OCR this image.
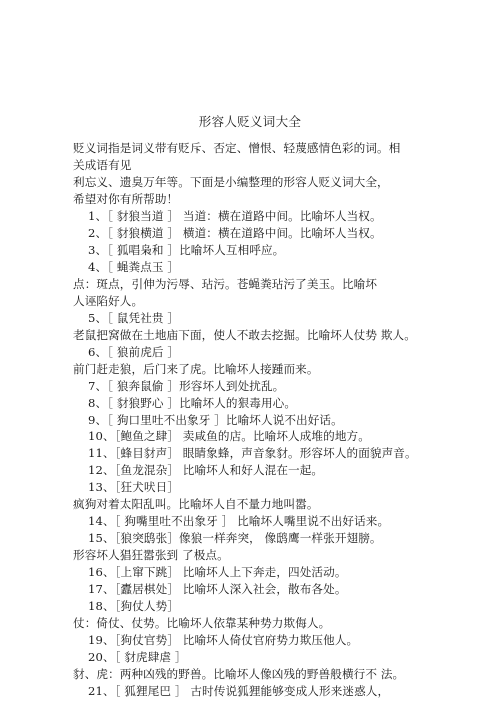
形容人贬义词大全
贬义词指是词义带有贬斥、否定、憎恨、轻蔑感情色彩的词。相
关成语有见
利忘义、遗臭万年等。下面是小编整理的形容人贬义词大全，
希望对你有所帮助！
1、［ 豺狼当道 ］ 当道：横在道路中间。比喻坏人当权。
2、［ 豺狼横道 ］ 横道：横在道路中间。比喻坏人当权。
3、［ 狐唱枭和 ］比喻坏人互相呼应。
4、［ 蝇粪点玉 ］
点：斑点，引伸为污辱、玷污。苍蝇粪玷污了美玉。比喻坏
人诬陷好人。
5、［ 鼠凭社贵 ］
老鼠把窝做在土地庙下面，使人不敢去挖掘。比喻坏人仗势 欺人。
6、［ 狼前虎后 ］
前门赶走狼，后门来了虎。比喻坏人接踵而来。
7、［ 狼奔鼠偷 ］形容坏人到处扰乱。
8、［ 豺狼野心 ］比喻坏人的狠毒用心。
9、［ 狗口里吐不出象牙 ］比喻坏人说不出好话。
10、［鲍鱼之肆］ 卖咸鱼的店。比喻坏人成堆的地方。
11、［蜂目豺声］ 眼睛象蜂，声音象豺。形容坏人的面貌声音。
12、［鱼龙混杂］ 比喻坏人和好人混在一起。
13、［狂犬吠日］
疯狗对着太阳乱叫。比喻坏人自不量力地叫嚣。
14、［ 狗嘴里吐不出象牙 ］ 比喻坏人嘴里说不出好话来。
15、［狼突鸱张］像狼一样奔突， 像鸱鹰一样张开翅膀。
形容坏人猖狂嚣张到 了极点。
16、［上窜下跳］ 比喻坏人上下奔走，四处活动。
17、［蠹居棋处］ 比喻坏人深入社会，散布各处。
18、［狗仗人势］
仗：倚仗、仗势。比喻坏人依靠某种势力欺侮人。
19、［狗仗官势］ 比喻坏人倚仗官府势力欺压他人。
20、［ 豺虎肆虐 ］
豺、虎：两种凶残的野兽。比喻坏人像凶残的野兽般横行不 法。
21、［ 狐狸尾巴 ］ 古时传说狐狸能够变成人形来迷惑人，
